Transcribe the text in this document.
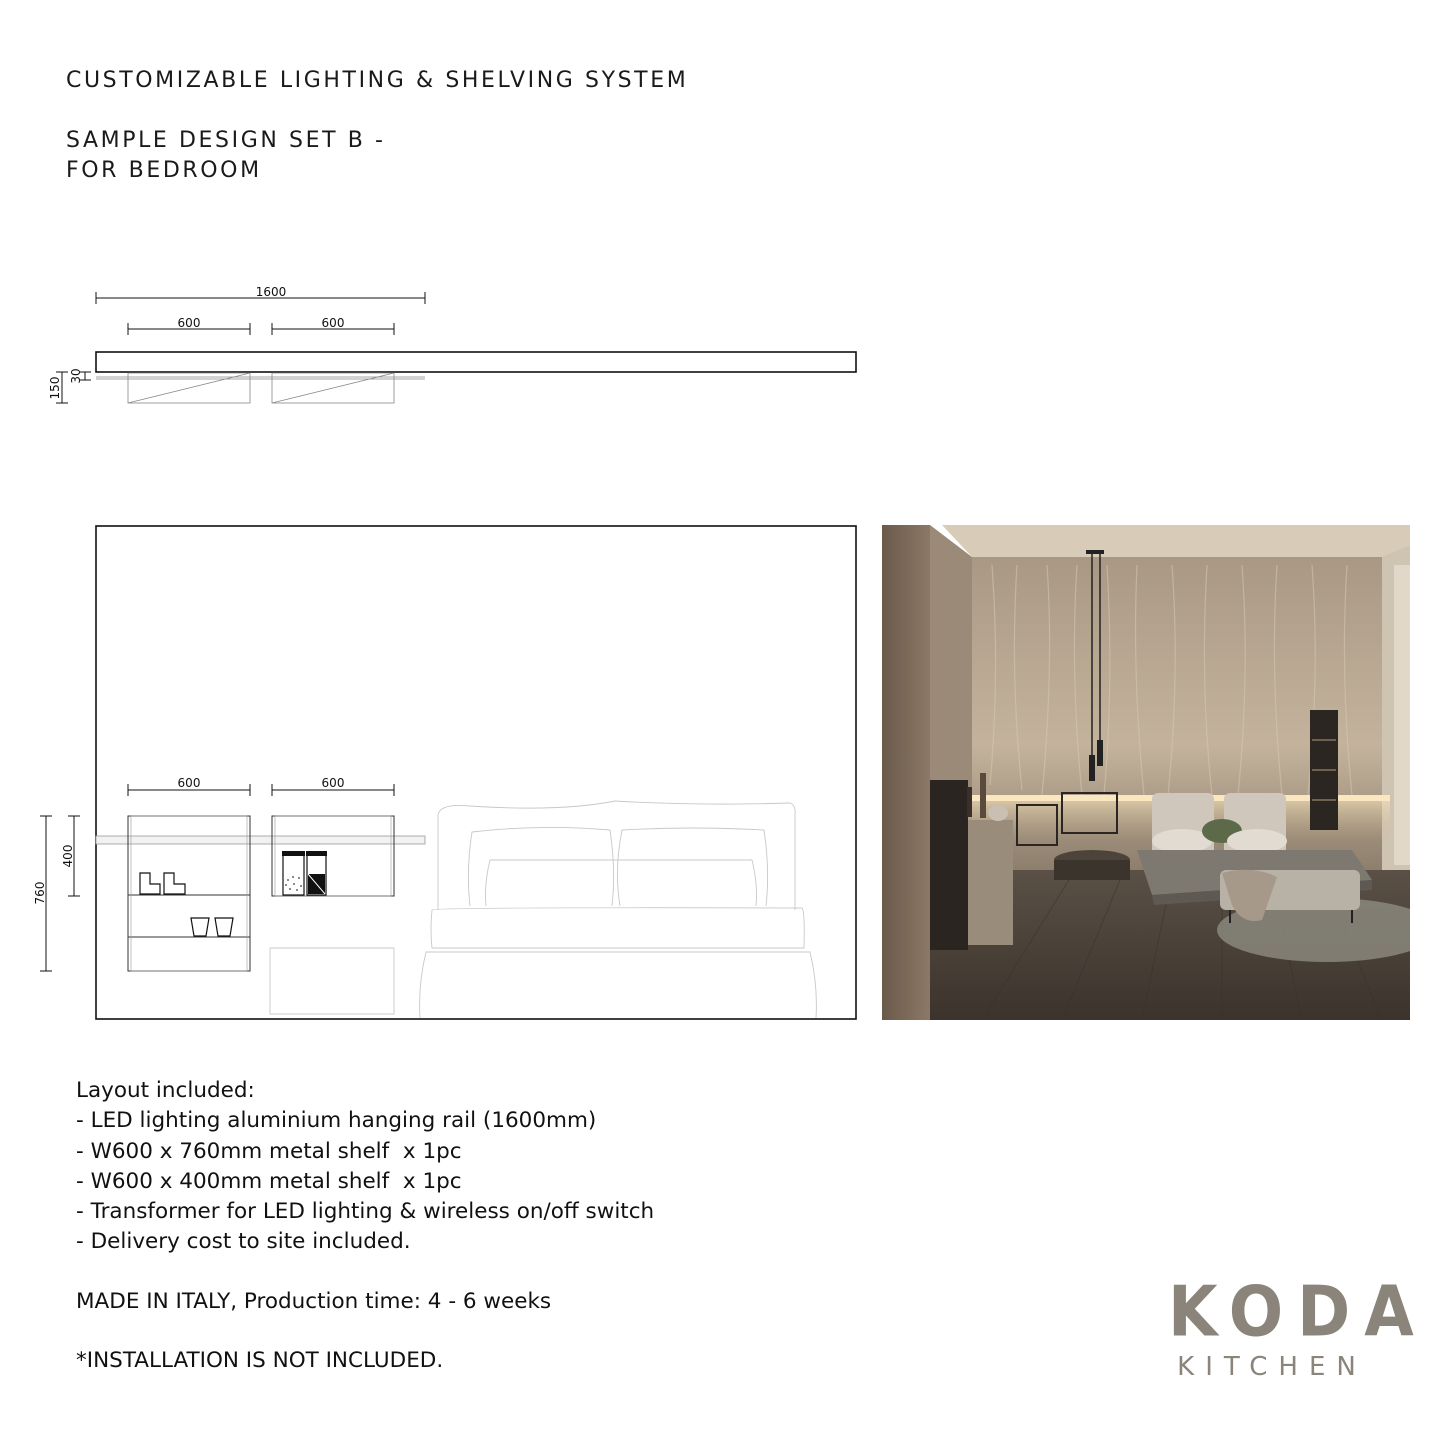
CUSTOMIZABLE LIGHTING & SHELVING SYSTEM
SAMPLE DESIGN SET B -
FOR BEDROOM
1600
600	600
150
30
600	600
760
400
Layout included:
- LED lighting aluminium hanging rail (1600mm)
- W600 x 760mm metal shelf  x 1pc
- W600 x 400mm metal shelf  x 1pc
- Transformer for LED lighting & wireless on/off switch
- Delivery cost to site included.
MADE IN ITALY, Production time: 4 - 6 weeks
*INSTALLATION IS NOT INCLUDED.
KODA
KITCHEN
